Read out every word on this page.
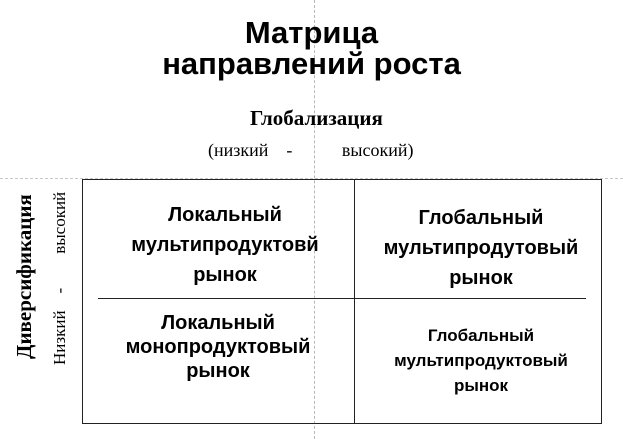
Матрица
направлений роста
Глобализация
(низкий    -           высокий)
Диверсификация Низкий    -        высокий	Локальный
мультипродуктовй
рынок
Глобальный
мультипродутовый
рынок
Локальный
монопродуктовый
рынок
Глобальный
мультипродуктовый
рынок
